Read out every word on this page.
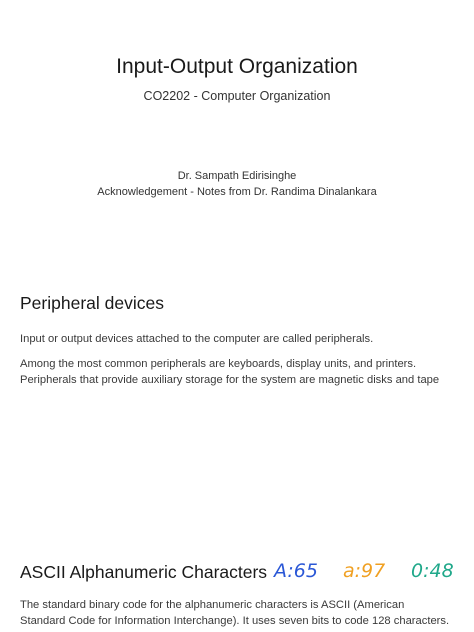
Input-Output Organization
CO2202 - Computer Organization
Dr. Sampath Edirisinghe
Acknowledgement - Notes from Dr. Randima Dinalankara
Peripheral devices
Input or output devices attached to the computer are called peripherals.
Among the most common peripherals are keyboards, display units, and printers. Peripherals that provide auxiliary storage for the system are magnetic disks and tape
ASCII Alphanumeric Characters A:65 a:97 0:48
The standard binary code for the alphanumeric characters is ASCII (American Standard Code for Information Interchange). It uses seven bits to code 128 characters.
